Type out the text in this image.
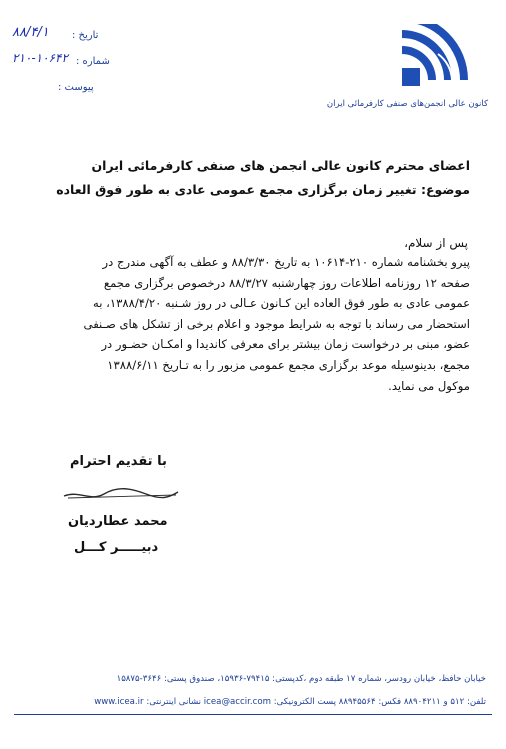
۸۸/۴/۱ تاریخ :
۲۱۰-۱۰۶۴۲ شماره :
پیوست :
کانون عالی انجمن‌های صنفی کارفرمائی ایران
اعضای محترم کانون عالی انجمن های صنفی کارفرمائی ایران
موضوع: تغییر زمان برگزاری مجمع عمومی عادی به طور فوق العاده
پس از سلام،
پیرو بخشنامه شماره ۲۱۰-۱۰۶۱۴ به تاریخ ۸۸/۳/۳۰ و عطف به آگهی مندرج در
صفحه ۱۲ روزنامه اطلاعات روز چهارشنبه ۸۸/۳/۲۷ درخصوص برگزاری مجمع
عمومی عادی به طور فوق العاده این کـانون عـالی در روز شـنبه ۱۳۸۸/۴/۲۰، به
استحضار می رساند با توجه به شرایط موجود و اعلام برخی از تشکل های صـنفی
عضو، مبنی بر درخواست زمان بیشتر برای معرفی کاندیدا و امکـان حضـور در
مجمع، بدینوسیله موعد برگزاری مجمع عمومی مزبور را به تـاریخ ۱۳۸۸/۶/۱۱
موکول می نماید.
با تقدیم احترام
محمد عطاردیان
دبیـــــر کـــل
خیابان حافظ، خیابان رودسر، شماره ۱۷ طبقه دوم ،کدپستی: ۷۹۴۱۵-۱۵۹۳۶، صندوق پستی: ۳۶۴۶-۱۵۸۷۵
تلفن: ۵۱۲ و ۸۸۹۰۴۲۱۱ فکس: ۸۸۹۴۵۵۶۴ پست الکترونیکی: icea@accir.com نشانی اینترنتی: www.icea.ir
